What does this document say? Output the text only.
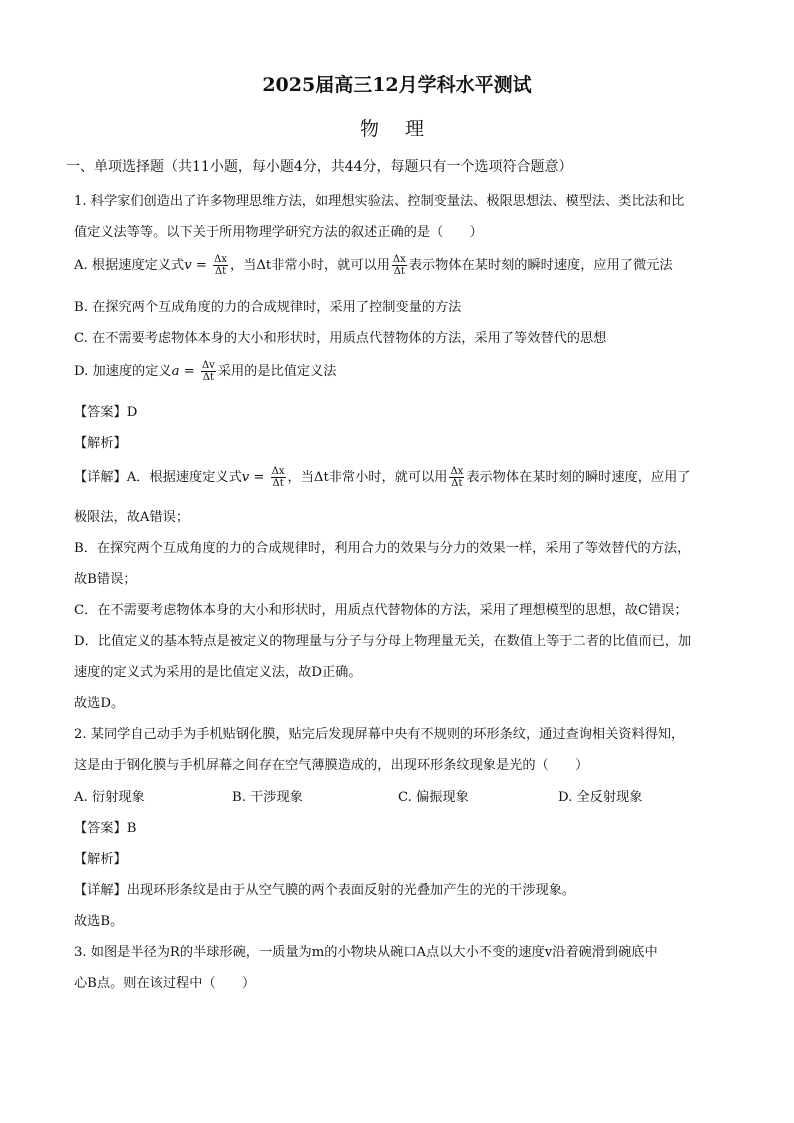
2025届高三12月学科水平测试
物 理
一、单项选择题（共11小题，每小题4分，共44分，每题只有一个选项符合题意）
1. 科学家们创造出了许多物理思维方法，如理想实验法、控制变量法、极限思想法、模型法、类比法和比
值定义法等等。以下关于所用物理学研究方法的叙述正确的是（　　）
A. 根据速度定义式$v = \frac{\Delta x}{\Delta t}$ ，当Δt非常小时，就可以用 $\frac{\Delta x}{\Delta t}$ 表示物体在某时刻的瞬时速度，应用了微元法
B. 在探究两个互成角度的力的合成规律时，采用了控制变量的方法
C. 在不需要考虑物体本身的大小和形状时，用质点代替物体的方法，采用了等效替代的思想
D. 加速度的定义$a = \frac{\Delta v}{\Delta t}$ 采用的是比值定义法
【答案】D
【解析】
【详解】A．根据速度定义式$v = \frac{\Delta x}{\Delta t}$ ，当Δt非常小时，就可以用 $\frac{\Delta x}{\Delta t}$ 表示物体在某时刻的瞬时速度，应用了
极限法，故A错误；
B．在探究两个互成角度的力的合成规律时，利用合力的效果与分力的效果一样，采用了等效替代的方法，
故B错误；
C．在不需要考虑物体本身的大小和形状时，用质点代替物体的方法，采用了理想模型的思想，故C错误；
D．比值定义的基本特点是被定义的物理量与分子与分母上物理量无关，在数值上等于二者的比值而已，加
速度的定义式为采用的是比值定义法，故D正确。
故选D。
2. 某同学自己动手为手机贴钢化膜，贴完后发现屏幕中央有不规则的环形条纹，通过查询相关资料得知，
这是由于钢化膜与手机屏幕之间存在空气薄膜造成的，出现环形条纹现象是光的（　　）
A. 衍射现象	B. 干涉现象	C. 偏振现象	D. 全反射现象
【答案】B
【解析】
【详解】出现环形条纹是由于从空气膜的两个表面反射的光叠加产生的光的干涉现象。
故选B。
3. 如图是半径为R的半球形碗，一质量为m的小物块从碗口A点以大小不变的速度v沿着碗滑到碗底中
心B点。则在该过程中（　　）
